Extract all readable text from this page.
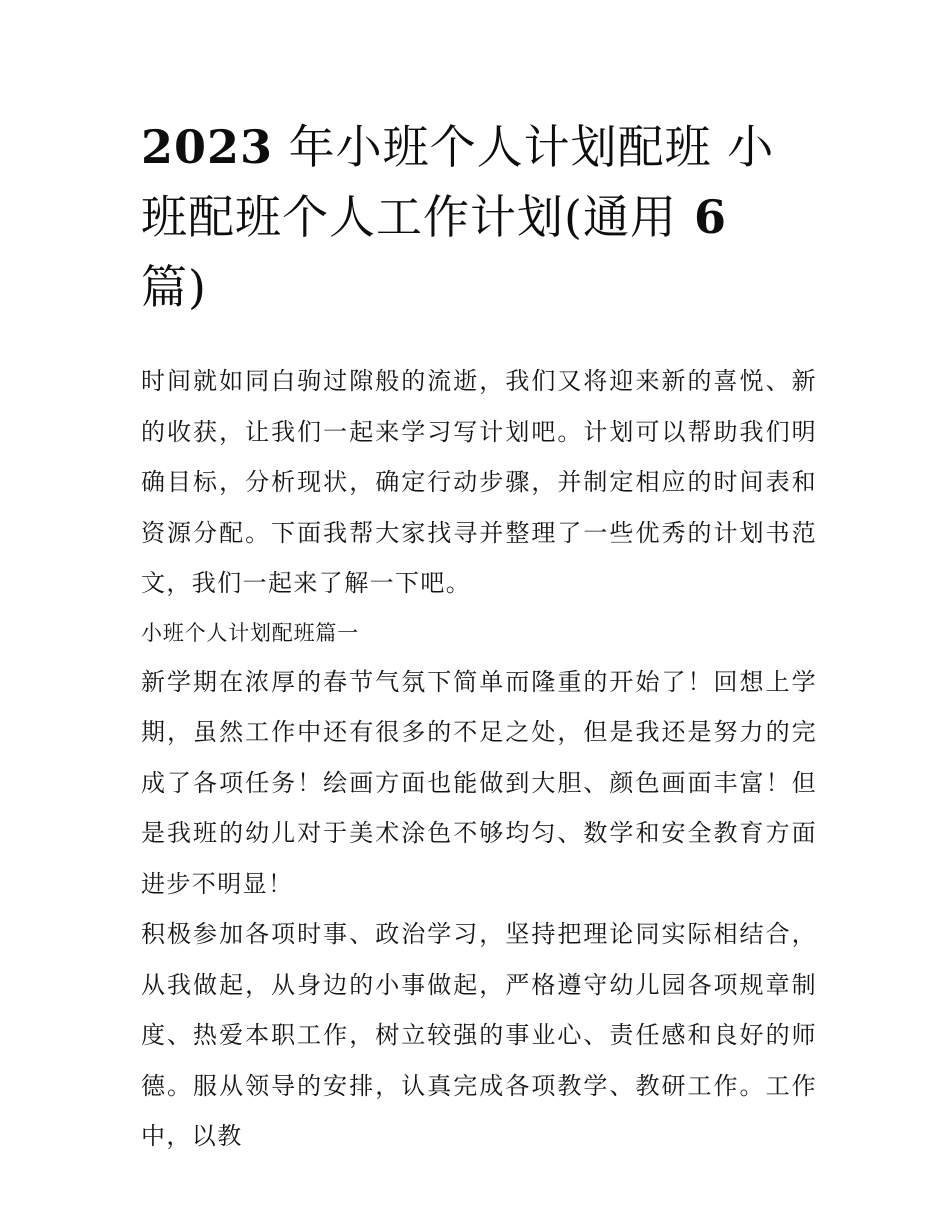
2023 年小班个人计划配班 小班配班个人工作计划(通用 6 篇)

时间就如同白驹过隙般的流逝，我们又将迎来新的喜悦、新的收获，让我们一起来学习写计划吧。计划可以帮助我们明确目标，分析现状，确定行动步骤，并制定相应的时间表和资源分配。下面我帮大家找寻并整理了一些优秀的计划书范文，我们一起来了解一下吧。

小班个人计划配班篇一

新学期在浓厚的春节气氛下简单而隆重的开始了！回想上学期，虽然工作中还有很多的不足之处，但是我还是努力的完成了各项任务！绘画方面也能做到大胆、颜色画面丰富！但是我班的幼儿对于美术涂色不够均匀、数学和安全教育方面进步不明显！

积极参加各项时事、政治学习，坚持把理论同实际相结合，从我做起，从身边的小事做起，严格遵守幼儿园各项规章制度、热爱本职工作，树立较强的事业心、责任感和良好的师德。服从领导的安排，认真完成各项教学、教研工作。工作中，以教
